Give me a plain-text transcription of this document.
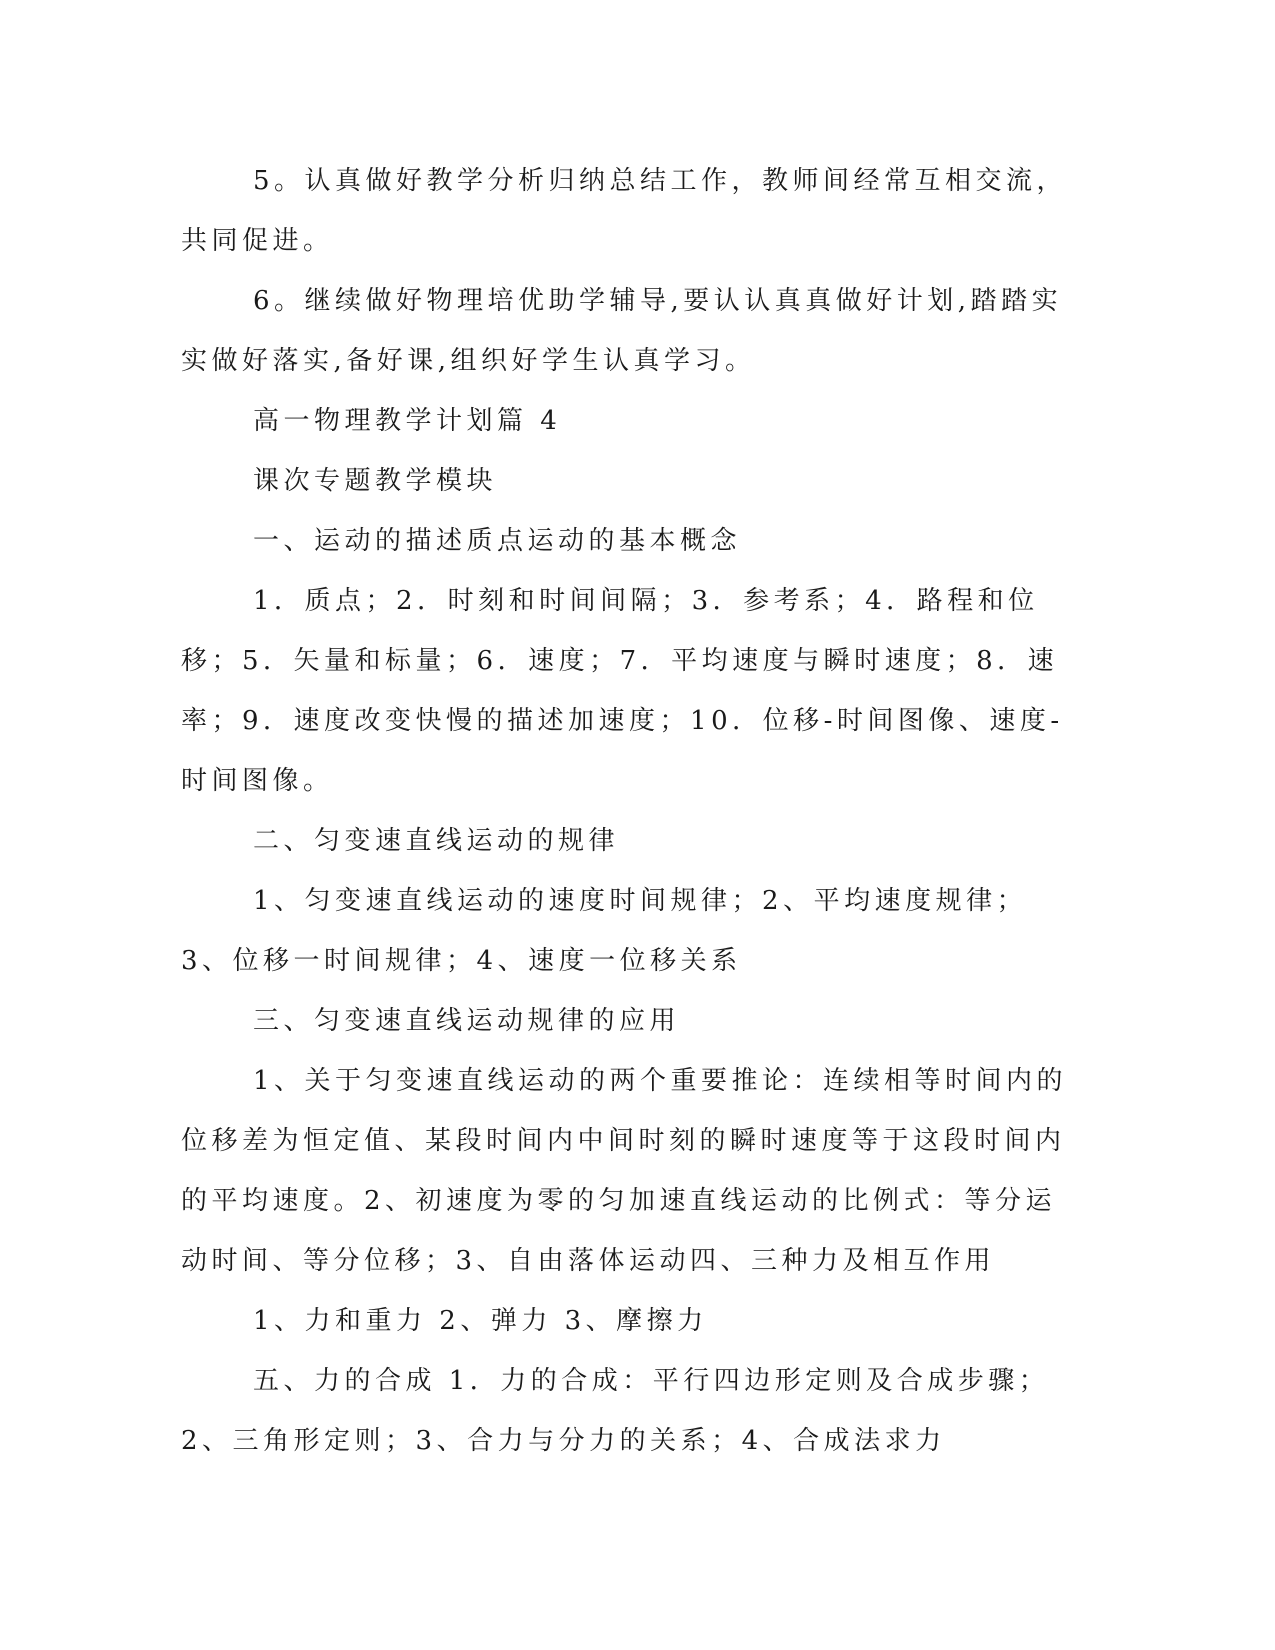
5。认真做好教学分析归纳总结工作，教师间经常互相交流，共同促进。

6。继续做好物理培优助学辅导,要认认真真做好计划,踏踏实实做好落实,备好课,组织好学生认真学习。

高一物理教学计划篇 4

课次专题教学模块

一、运动的描述质点运动的基本概念

1．质点；2．时刻和时间间隔；3．参考系；4．路程和位移；5．矢量和标量；6．速度；7．平均速度与瞬时速度；8．速率；9．速度改变快慢的描述加速度；10．位移-时间图像、速度-时间图像。

二、匀变速直线运动的规律

1、匀变速直线运动的速度时间规律；2、平均速度规律；3、位移一时间规律；4、速度一位移关系

三、匀变速直线运动规律的应用

1、关于匀变速直线运动的两个重要推论：连续相等时间内的位移差为恒定值、某段时间内中间时刻的瞬时速度等于这段时间内的平均速度。2、初速度为零的匀加速直线运动的比例式：等分运动时间、等分位移；3、自由落体运动四、三种力及相互作用

1、力和重力 2、弹力 3、摩擦力

五、力的合成 1．力的合成：平行四边形定则及合成步骤；2、三角形定则；3、合力与分力的关系；4、合成法求力
